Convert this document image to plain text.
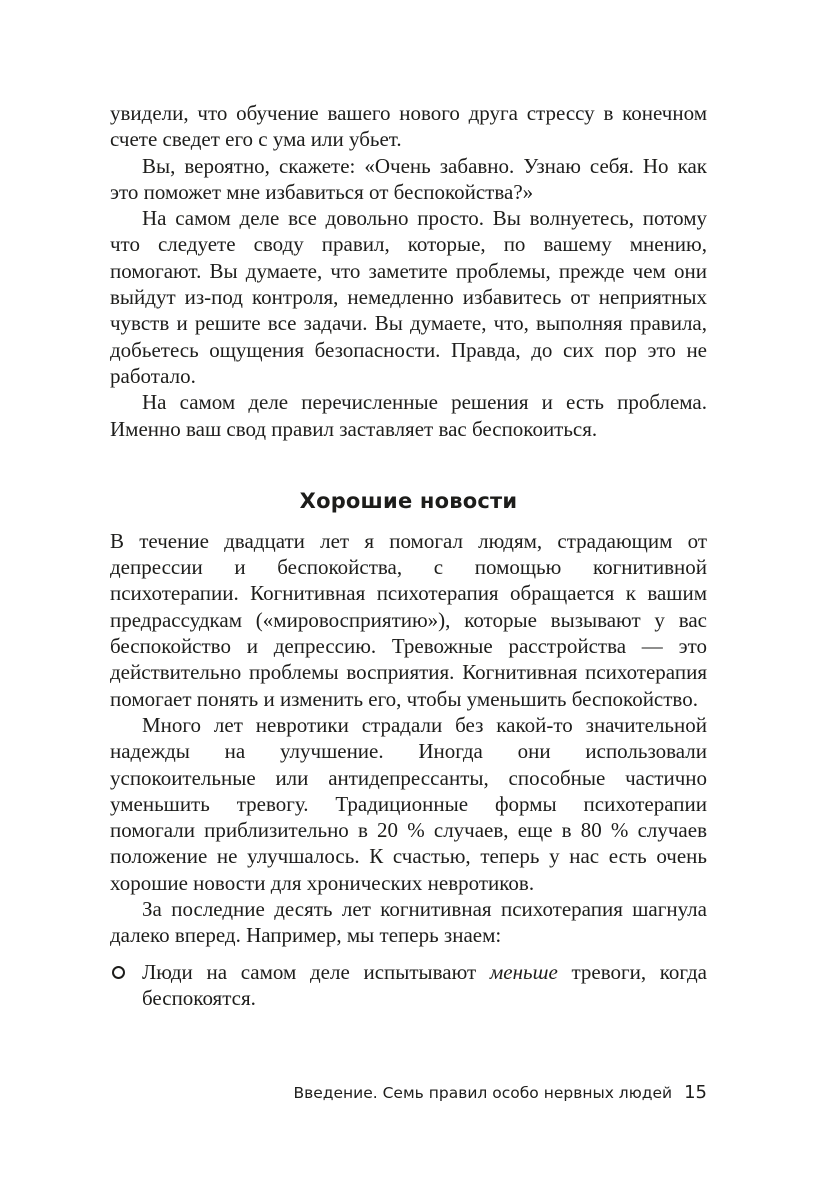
увидели, что обучение вашего нового друга стрессу в конечном счете сведет его с ума или убьет.

Вы, вероятно, скажете: «Очень забавно. Узнаю себя. Но как это поможет мне избавиться от беспокойства?»

На самом деле все довольно просто. Вы волнуетесь, потому что следуете своду правил, которые, по вашему мнению, помогают. Вы думаете, что заметите проблемы, прежде чем они выйдут из-под контроля, немедленно избавитесь от неприятных чувств и решите все задачи. Вы думаете, что, выполняя правила, добьетесь ощущения безопасности. Правда, до сих пор это не работало.

На самом деле перечисленные решения и есть проблема. Именно ваш свод правил заставляет вас беспокоиться.

Хорошие новости

В течение двадцати лет я помогал людям, страдающим от депрессии и беспокойства, с помощью когнитивной психотерапии. Когнитивная психотерапия обращается к вашим предрассудкам («мировосприятию»), которые вызывают у вас беспокойство и депрессию. Тревожные расстройства — это действительно проблемы восприятия. Когнитивная психотерапия помогает понять и изменить его, чтобы уменьшить беспокойство.

Много лет невротики страдали без какой-то значительной надежды на улучшение. Иногда они использовали успокоительные или антидепрессанты, способные частично уменьшить тревогу. Традиционные формы психотерапии помогали приблизительно в 20 % случаев, еще в 80 % случаев положение не улучшалось. К счастью, теперь у нас есть очень хорошие новости для хронических невротиков.

За последние десять лет когнитивная психотерапия шагнула далеко вперед. Например, мы теперь знаем:

Люди на самом деле испытывают меньше тревоги, когда беспокоятся.
Введение. Семь правил особо нервных людей 15
